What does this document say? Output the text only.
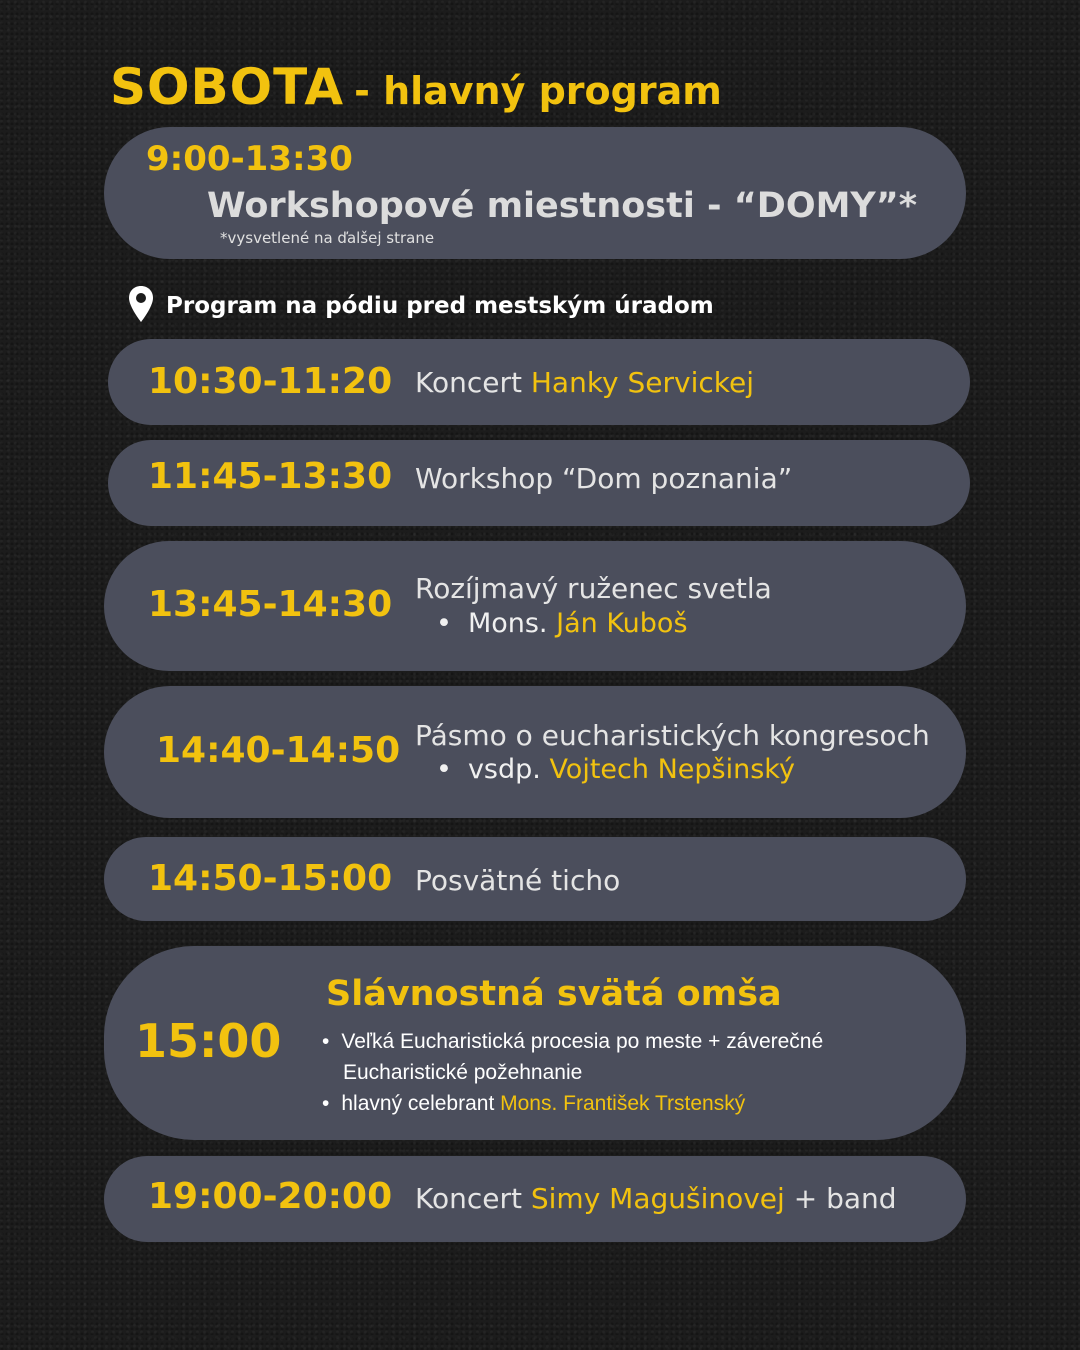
SOBOTA - hlavný program
9:00-13:30
Workshopové miestnosti - “DOMY”*
*vysvetlené na ďalšej strane
Program na pódiu pred mestským úradom
10:30-11:20 Koncert Hanky Servickej
11:45-13:30 Workshop “Dom poznania”
13:45-14:30 Rozíjmavý ruženec svetla
• Mons. Ján Kuboš
14:40-14:50 Pásmo o eucharistických kongresoch
• vsdp. Vojtech Nepšinský
14:50-15:00 Posvätné ticho
15:00
Slávnostná svätá omša
• Veľká Eucharistická procesia po meste + záverečné
Eucharistické požehnanie
• hlavný celebrant Mons. František Trstenský
19:00-20:00 Koncert Simy Magušinovej + band
